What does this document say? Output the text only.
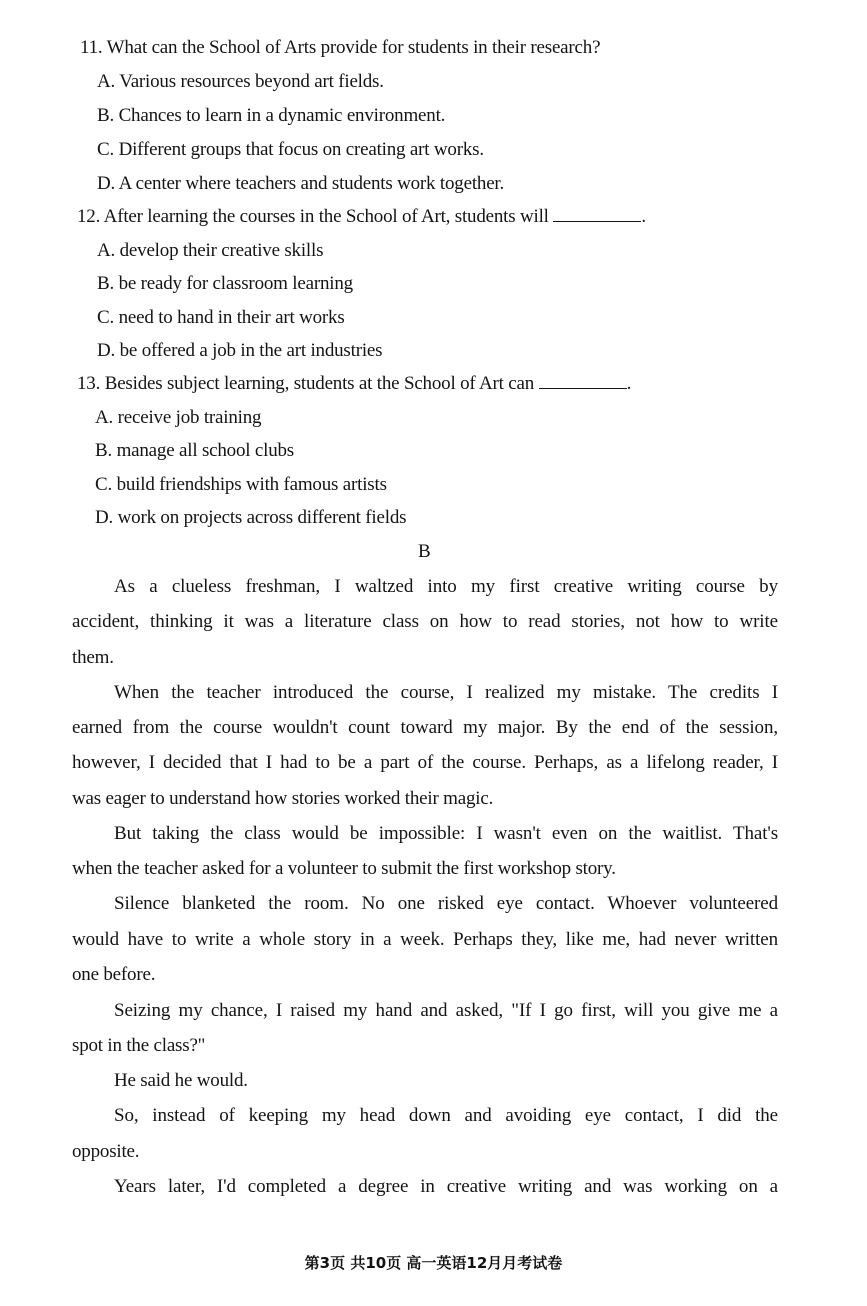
11. What can the School of Arts provide for students in their research?
A. Various resources beyond art fields.
B. Chances to learn in a dynamic environment.
C. Different groups that focus on creating art works.
D. A center where teachers and students work together.
12. After learning the courses in the School of Art, students will	.
A. develop their creative skills
B. be ready for classroom learning
C. need to hand in their art works
D. be offered a job in the art industries
13. Besides subject learning, students at the School of Art can	.
A. receive job training
B. manage all school clubs
C. build friendships with famous artists
D. work on projects across different fields
B
As a clueless freshman, I waltzed into my first creative writing course by
accident, thinking it was a literature class on how to read stories, not how to write
them.
When the teacher introduced the course, I realized my mistake. The credits I
earned from the course wouldn't count toward my major. By the end of the session,
however, I decided that I had to be a part of the course. Perhaps, as a lifelong reader, I
was eager to understand how stories worked their magic.
But taking the class would be impossible: I wasn't even on the waitlist. That's
when the teacher asked for a volunteer to submit the first workshop story.
Silence blanketed the room. No one risked eye contact. Whoever volunteered
would have to write a whole story in a week. Perhaps they, like me, had never written
one before.
Seizing my chance, I raised my hand and asked, "If I go first, will you give me a
spot in the class?"
He said he would.
So, instead of keeping my head down and avoiding eye contact, I did the
opposite.
Years later, I'd completed a degree in creative writing and was working on a
第3页 共10页 高一英语12月月考试卷
